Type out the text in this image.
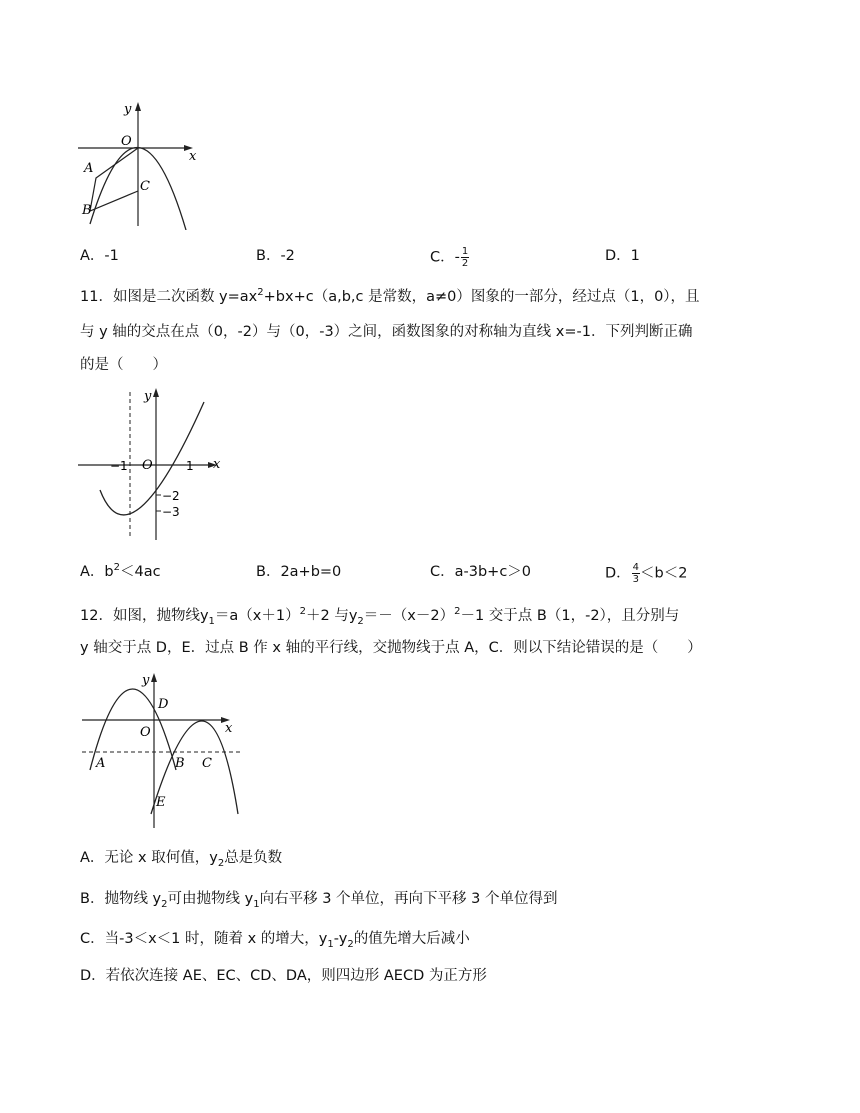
y
O
x
A
B
C
A．-1	B．-2	C．- $\frac{1}{2}$	D．1
11．如图是二次函数 $y=ax^2+bx+c(a,b,c$ 是常数，a≠0）图象的一部分，经过点（1，0），且
与 y 轴的交点在点（0，-2）与（0，-3）之间，函数图象的对称轴为直线 x=-1．下列判断正确
的是（　　）
y
x
O
−1	1
−2
−3
A．$b^2<4ac$	B．2a+b=0	C．a-3b+c＞0	D． $\frac{4}{3} <b<2$
12．如图，抛物线$y_1=a(x+1)^2+2$ 与$y_2=-(x-2)^2-1$ 交于点 B（1，-2），且分别与
y 轴交于点 D，E．过点 B 作 x 轴的平行线，交抛物线于点 A，C．则以下结论错误的是（　　）
y
x
O
D
A	B C
E
A．无论 x 取何值，$y_2$总是负数
B．抛物线 $y_2$可由抛物线 $y_1$向右平移 3 个单位，再向下平移 3 个单位得到
C．当-3＜x＜1 时，随着 x 的增大，$y_1-y_2$的值先增大后减小
D．若依次连接 AE、EC、CD、DA，则四边形 AECD 为正方形
